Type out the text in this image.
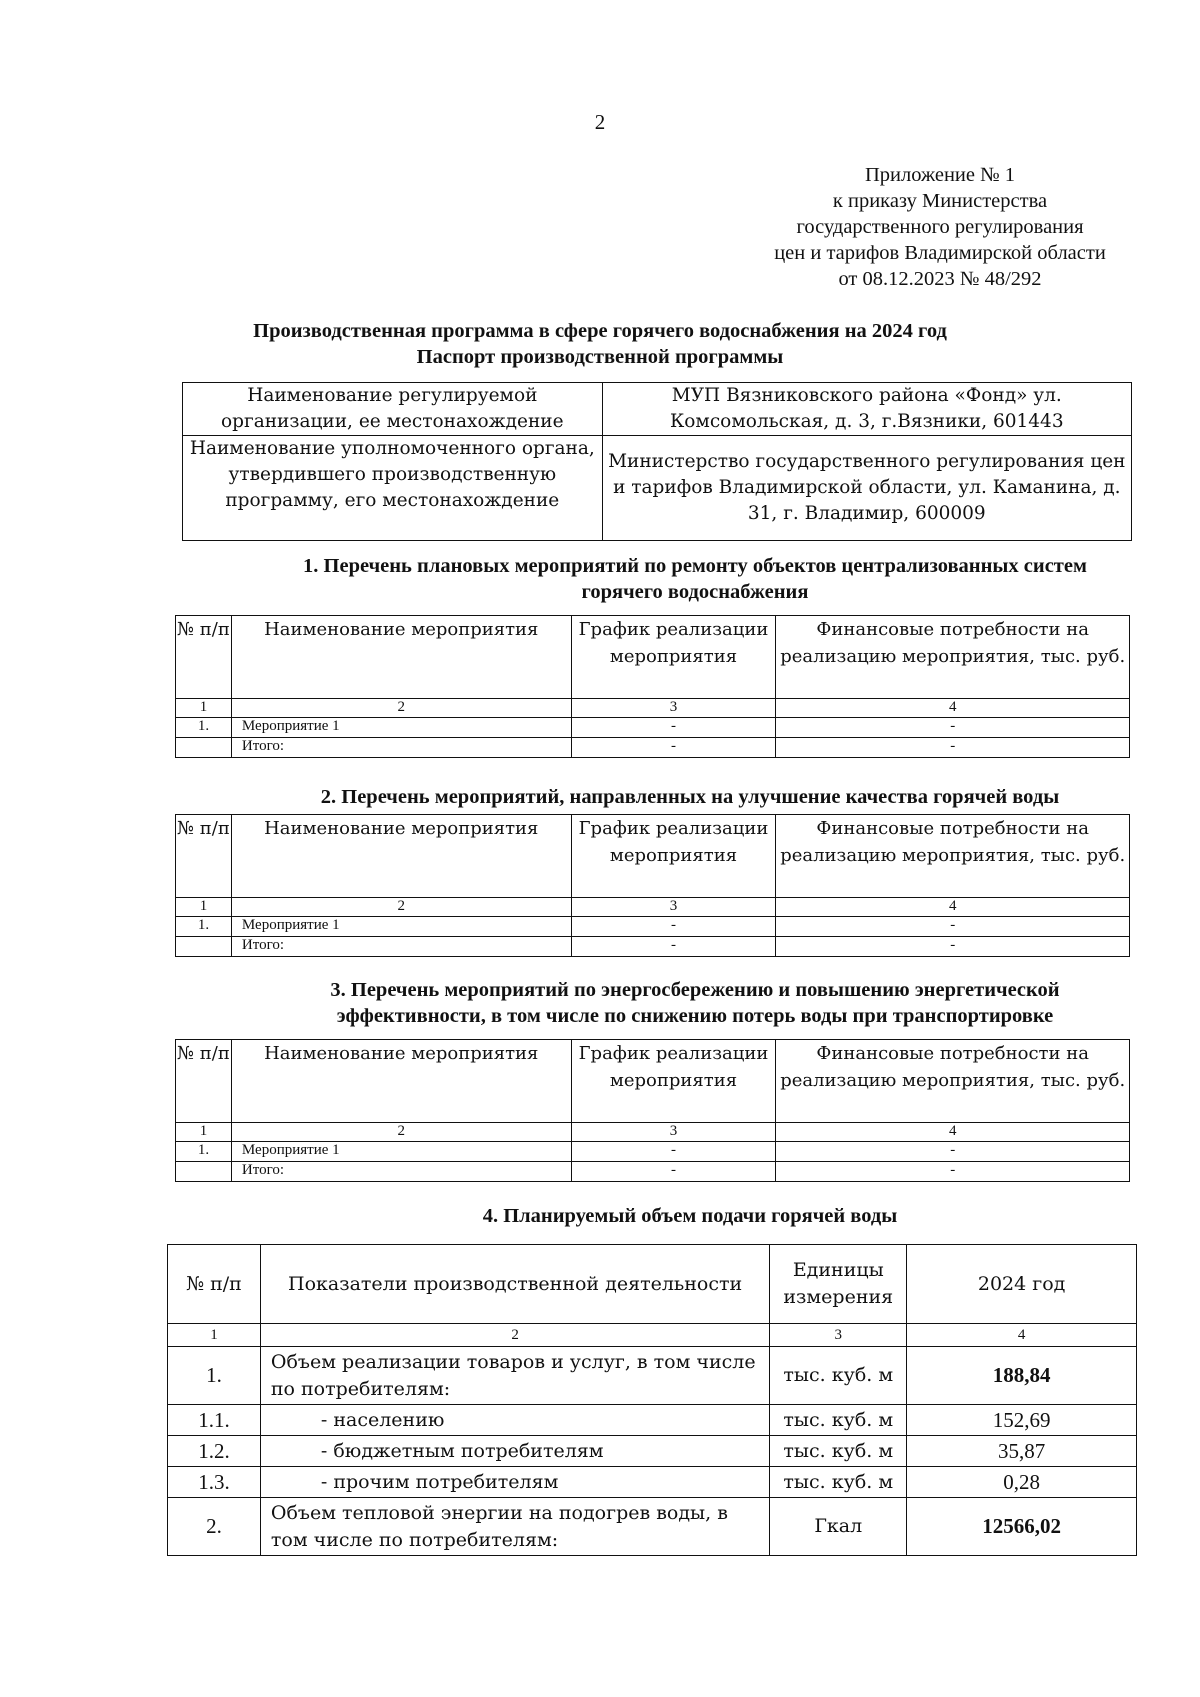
2
Приложение № 1
к приказу Министерства
государственного регулирования
цен и тарифов Владимирской области
от 08.12.2023 № 48/292
Производственная программа в сфере горячего водоснабжения на 2024 год
Паспорт производственной программы
Наименование регулируемой организации, ее местонахождение	МУП Вязниковского района «Фонд» ул. Комсомольская, д. 3, г.Вязники, 601443
Наименование уполномоченного органа, утвердившего производственную программу, его местонахождение	Министерство государственного регулирования цен и тарифов Владимирской области, ул. Каманина, д. 31, г. Владимир, 600009
1. Перечень плановых мероприятий по ремонту объектов централизованных систем горячего водоснабжения
№ п/п	Наименование мероприятия	График реализации мероприятия	Финансовые потребности на реализацию мероприятия, тыс. руб.
1	2	3	4
1.	Мероприятие 1	-	-
	Итого:	-	-
2. Перечень мероприятий, направленных на улучшение качества горячей воды
№ п/п	Наименование мероприятия	График реализации мероприятия	Финансовые потребности на реализацию мероприятия, тыс. руб.
1	2	3	4
1.	Мероприятие 1	-	-
	Итого:	-	-
3. Перечень мероприятий по энергосбережению и повышению энергетической эффективности, в том числе по снижению потерь воды при транспортировке
№ п/п	Наименование мероприятия	График реализации мероприятия	Финансовые потребности на реализацию мероприятия, тыс. руб.
1	2	3	4
1.	Мероприятие 1	-	-
	Итого:	-	-
4. Планируемый объем подачи горячей воды
№ п/п	Показатели производственной деятельности	Единицы измерения	2024 год
1	2	3	4
1.	Объем реализации товаров и услуг, в том числе по потребителям:	тыс. куб. м	188,84
1.1.	- населению	тыс. куб. м	152,69
1.2.	- бюджетным потребителям	тыс. куб. м	35,87
1.3.	- прочим потребителям	тыс. куб. м	0,28
2.	Объем тепловой энергии на подогрев воды, в том числе по потребителям:	Гкал	12566,02
